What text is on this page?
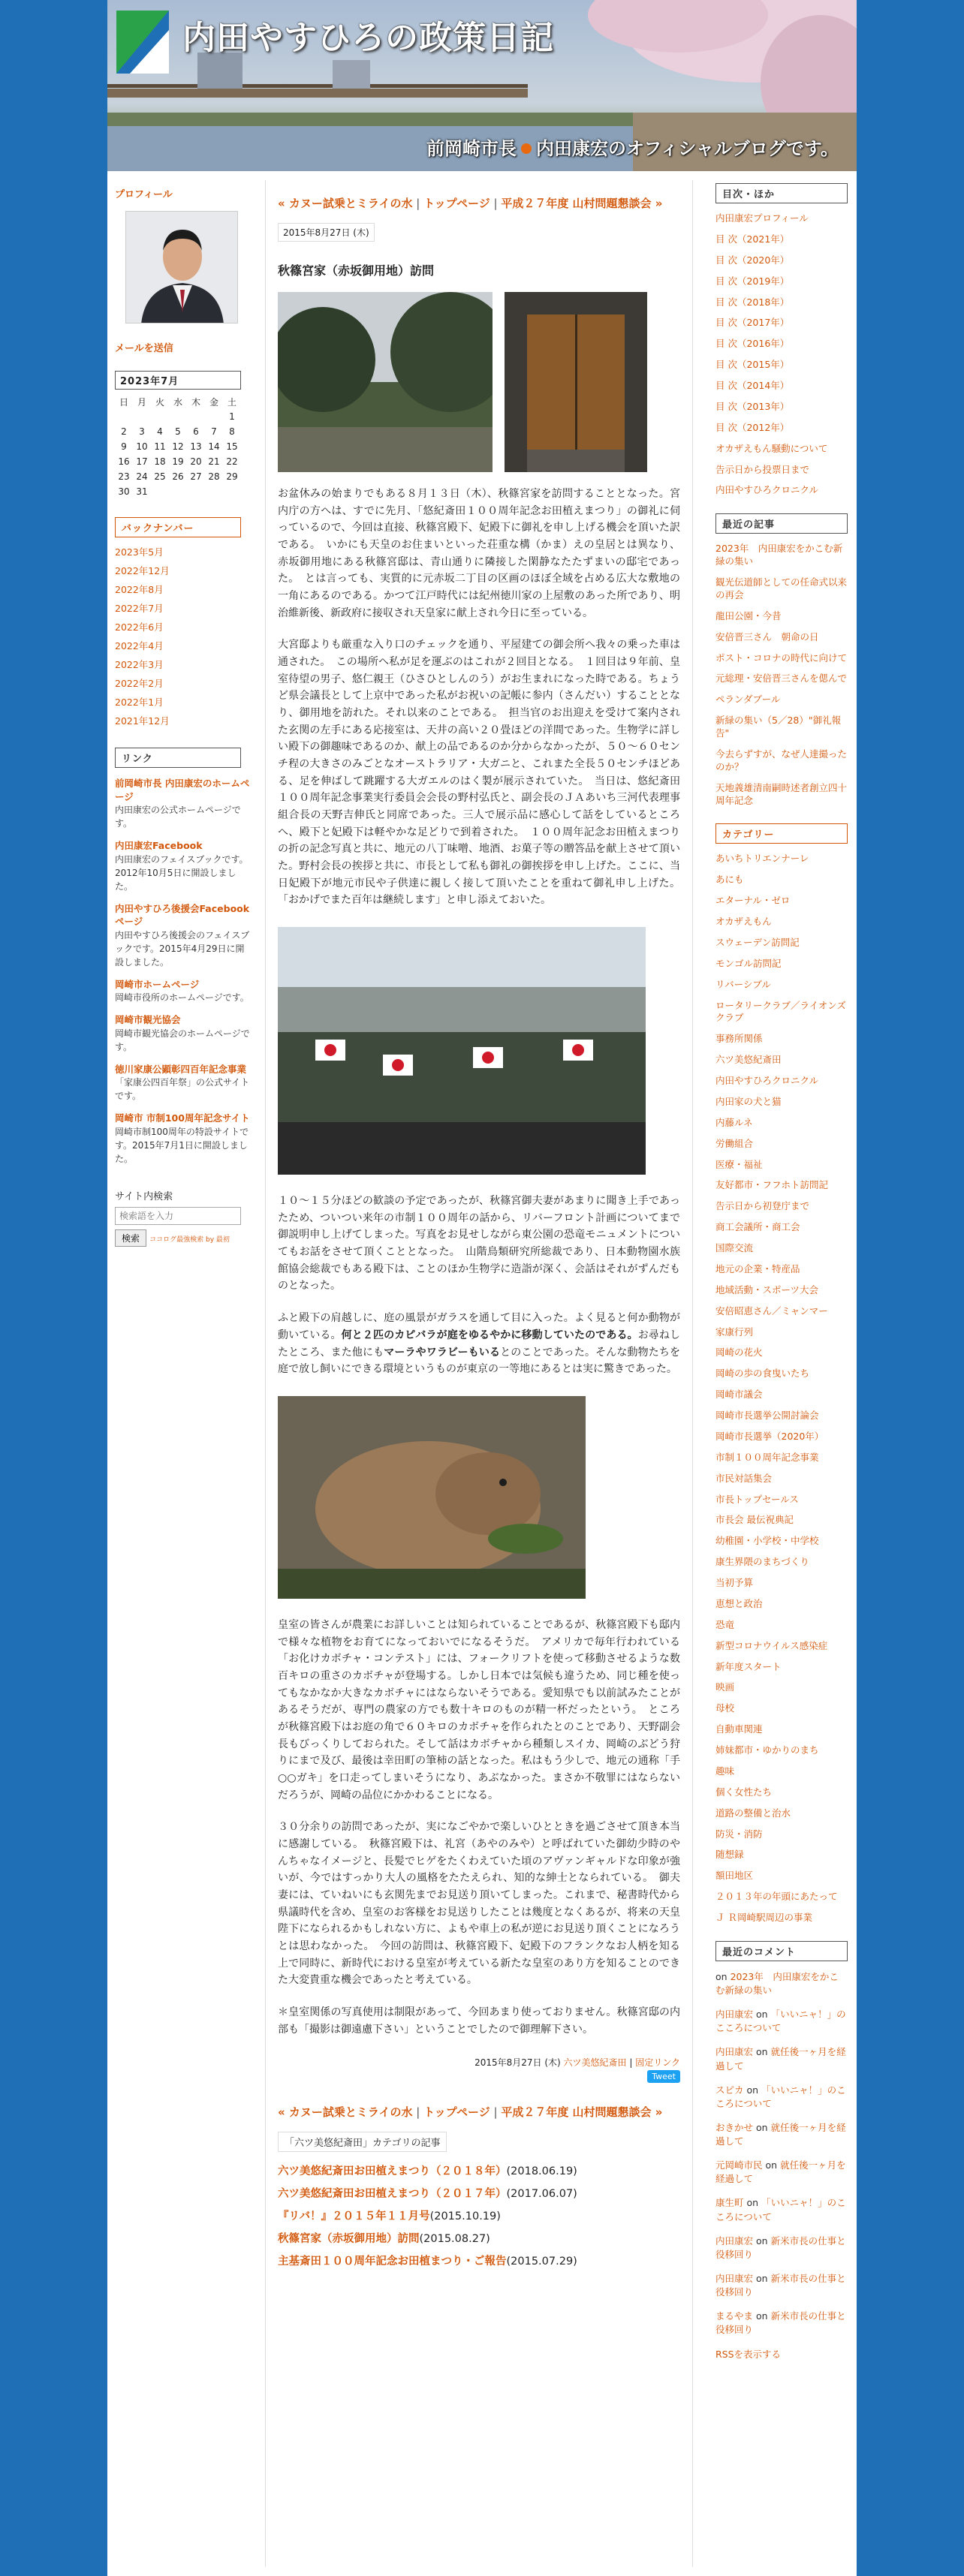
内田やすひろの政策日記
前岡崎市長 内田康宏のオフィシャルブログです。
プロフィール
メールを送信
2023年7月
日	月	火	水	木	金	土
						1
2	3	4	5	6	7	8
9	10	11	12	13	14	15
16	17	18	19	20	21	22
23	24	25	26	27	28	29
30	31					
バックナンバー
2023年5月
2022年12月
2022年8月
2022年7月
2022年6月
2022年4月
2022年3月
2022年2月
2022年1月
2021年12月
リンク
前岡崎市長 内田康宏のホームページ
内田康宏の公式ホームページです。
内田康宏Facebook
内田康宏のフェイスブックです。2012年10月5日に開設しました。
内田やすひろ後援会Facebookページ
内田やすひろ後援会のフェイスブックです。2015年4月29日に開設しました。
岡崎市ホームページ
岡崎市役所のホームページです。
岡崎市観光協会
岡崎市観光協会のホームページです。
徳川家康公顕彰四百年記念事業
「家康公四百年祭」の公式サイトです。
岡崎市 市制100周年記念サイト
岡崎市制100周年の特設サイトです。2015年7月1日に開設しました。
サイト内検索
検索語を入力
検索 ココログ最強検索 by 最初
« カヌー試乗とミライの水 | トップページ | 平成２７年度 山村問題懇談会 »
2015年8月27日 (木)
秋篠宮家（赤坂御用地）訪問

お盆休みの始まりでもある８月１３日（木）、秋篠宮家を訪問することとなった。宮内庁の方へは、すでに先月、「悠紀斎田１００周年記念お田植えまつり」の御礼に伺っているので、今回は直接、秋篠宮殿下、妃殿下に御礼を申し上げる機会を頂いた訳である。　いかにも天皇のお住まいといった荘重な構（かま）えの皇居とは異なり、赤坂御用地にある秋篠宮邸は、青山通りに隣接した閑静なたたずまいの邸宅であった。　とは言っても、実質的に元赤坂二丁目の区画のほぼ全域を占める広大な敷地の一角にあるのである。かつて江戸時代には紀州徳川家の上屋敷のあった所であり、明治維新後、新政府に接収され天皇家に献上され今日に至っている。

大宮邸よりも厳重な入り口のチェックを通り、平屋建ての御会所へ我々の乗った車は通された。　この場所へ私が足を運ぶのはこれが２回目となる。　１回目は９年前、皇室待望の男子、悠仁親王（ひさひとしんのう）がお生まれになった時である。ちょうど県会議長として上京中であった私がお祝いの記帳に参内（さんだい）することとなり、御用地を訪れた。それ以来のことである。　担当官のお出迎えを受けて案内された玄関の左手にある応接室は、天井の高い２０畳ほどの洋間であった。生物学に詳しい殿下の御趣味であるのか、献上の品であるのか分からなかったが、５０～６０センチ程の大きさのみごとなオーストラリア・大ガニと、これまた全長５０センチほどある、足を伸ばして跳躍する大ガエルのはく製が展示されていた。　当日は、悠紀斎田１００周年記念事業実行委員会会長の野村弘氏と、副会長のＪＡあいち三河代表理事組合長の天野吉伸氏と同席であった。三人で展示品に感心して話をしているところへ、殿下と妃殿下は軽やかな足どりで到着された。　１００周年記念お田植えまつりの折の記念写真と共に、地元の八丁味噌、地酒、お菓子等の贈答品を献上させて頂いた。野村会長の挨拶と共に、市長として私も御礼の御挨拶を申し上げた。ここに、当日妃殿下が地元市民や子供達に親しく接して頂いたことを重ねて御礼申し上げた。「おかげでまた百年は継続します」と申し添えておいた。

１０～１５分ほどの歓談の予定であったが、秋篠宮御夫妻があまりに聞き上手であったため、ついつい来年の市制１００周年の話から、リバーフロント計画についてまで御説明申し上げてしまった。写真をお見せしながら東公園の恐竜モニュメントについてもお話をさせて頂くこととなった。　山階鳥類研究所総裁であり、日本動物園水族館協会総裁でもある殿下は、ことのほか生物学に造詣が深く、会話はそれがずんだものとなった。

ふと殿下の肩越しに、庭の風景がガラスを通して目に入った。よく見ると何か動物が動いている。何と２匹のカピバラが庭をゆるやかに移動していたのである。お尋ねしたところ、また他にもマーラやワラビーもいるとのことであった。そんな動物たちを庭で放し飼いにできる環境というものが東京の一等地にあるとは実に驚きであった。

皇室の皆さんが農業にお詳しいことは知られていることであるが、秋篠宮殿下も邸内で様々な植物をお育てになっておいでになるそうだ。　アメリカで毎年行われている「お化けカボチャ・コンテスト」には、フォークリフトを使って移動させるような数百キロの重さのカボチャが登場する。しかし日本では気候も違うため、同じ種を使ってもなかなか大きなカボチャにはならないそうである。愛知県でも以前試みたことがあるそうだが、専門の農家の方でも数十キロのものが精一杯だったという。　ところが秋篠宮殿下はお庭の角で６０キロのカボチャを作られたとのことであり、天野副会長もびっくりしておられた。そして話はカボチャから種類しスイカ、岡崎のぶどう狩りにまで及び、最後は幸田町の筆柿の話となった。私はもう少しで、地元の通称「手○○ガキ」を口走ってしまいそうになり、あぶなかった。まさか不敬罪にはならないだろうが、岡崎の品位にかかわることになる。

３０分余りの訪問であったが、実になごやかで楽しいひとときを過ごさせて頂き本当に感謝している。　秋篠宮殿下は、礼宮（あやのみや）と呼ばれていた御幼少時のやんちゃなイメージと、長髪でヒゲをたくわえていた頃のアヴァンギャルドな印象が強いが、今ではすっかり大人の風格をたたえられ、知的な紳士となられている。　御夫妻には、ていねいにも玄関先までお見送り頂いてしまった。これまで、秘書時代から県議時代を含め、皇室のお客様をお見送りしたことは幾度となくあるが、将来の天皇陛下になられるかもしれない方に、よもや車上の私が逆にお見送り頂くことになろうとは思わなかった。　今回の訪問は、秋篠宮殿下、妃殿下のフランクなお人柄を知る上で同時に、新時代における皇室が考えている新たな皇室のあり方を知ることのできた大変貴重な機会であったと考えている。

＊皇室関係の写真使用は制限があって、今回あまり使っておりません。秋篠宮邸の内部も「撮影は御遠慮下さい」ということでしたので御理解下さい。

2015年8月27日 (木) 六ツ美悠紀斎田 | 固定リンク
Tweet
« カヌー試乗とミライの水 | トップページ | 平成２７年度 山村問題懇談会 »
「六ツ美悠紀斎田」カテゴリの記事
六ツ美悠紀斎田お田植えまつり（２０１８年）(2018.06.19)
六ツ美悠紀斎田お田植えまつり（２０１７年）(2017.06.07)
『リバ！』２０１５年１１月号(2015.10.19)
秋篠宮家（赤坂御用地）訪問(2015.08.27)
主基斎田１００周年記念お田植まつり・ご報告(2015.07.29)
目次・ほか
内田康宏プロフィール
目 次（2021年）
目 次（2020年）
目 次（2019年）
目 次（2018年）
目 次（2017年）
目 次（2016年）
目 次（2015年）
目 次（2014年）
目 次（2013年）
目 次（2012年）
オカザえもん騒動について
告示日から投票日まで
内田やすひろクロニクル
最近の記事
2023年　内田康宏をかこむ新緑の集い
観光伝道師としての任命式以来の再会
龍田公園・今昔
安倍晋三さん　朝命の日
ポスト・コロナの時代に向けて
元総理・安倍晋三さんを偲んで
ペランダブール
新緑の集い（5／28）"御礼報告"
今去らずすが、なぜ人達撮ったのか？
天地義雄清南嗣時述者創立四十周年記念
カテゴリー
あいちトリエンナーレ
あにも
エターナル・ゼロ
オカザえもん
スウェーデン訪問記
モンゴル訪問記
リバーシブル
ロータリークラブ／ライオンズクラブ
事務所関係
六ツ美悠紀斎田
内田やすひろクロニクル
内田家の犬と猫
内藤ルネ
労働組合
医療・福祉
友好都市・フフホト訪問記
告示日から初登庁まで
商工会議所・商工会
国際交流
地元の企業・特産品
地域活動・スポーツ大会
安倍昭恵さん／ミャンマー
家康行列
岡崎の花火
岡崎の歩の食曳いたち
岡崎市議会
岡崎市長選挙公開討論会
岡崎市長選挙（2020年）
市制１００周年記念事業
市民対話集会
市長トップセールス
市長会 最伝祝典記
幼稚園・小学校・中学校
康生界隈のまちづくり
当初予算
恵想と政治
恐竜
新型コロナウイルス感染症
新年度スタート
映画
母校
自動車関連
姉妹都市・ゆかりのまち
趣味
個く女性たち
道路の整備と治水
防災・消防
随想録
額田地区
２０１３年の年頭にあたって
Ｊ Ｒ岡崎駅周辺の事業
最近のコメント
on 2023年　内田康宏をかこむ新緑の集い
内田康宏 on 「いいニャ！」のこころについて
内田康宏 on 就任後一ヶ月を経過して
スピカ on 「いいニャ！」のこころについて
おきかせ on 就任後一ヶ月を経過して
元岡崎市民 on 就任後一ヶ月を経過して
康生町 on 「いいニャ！」のこころについて
内田康宏 on 新米市長の仕事と役移回り
内田康宏 on 新米市長の仕事と役移回り
まるやま on 新米市長の仕事と役移回り
RSSを表示する
